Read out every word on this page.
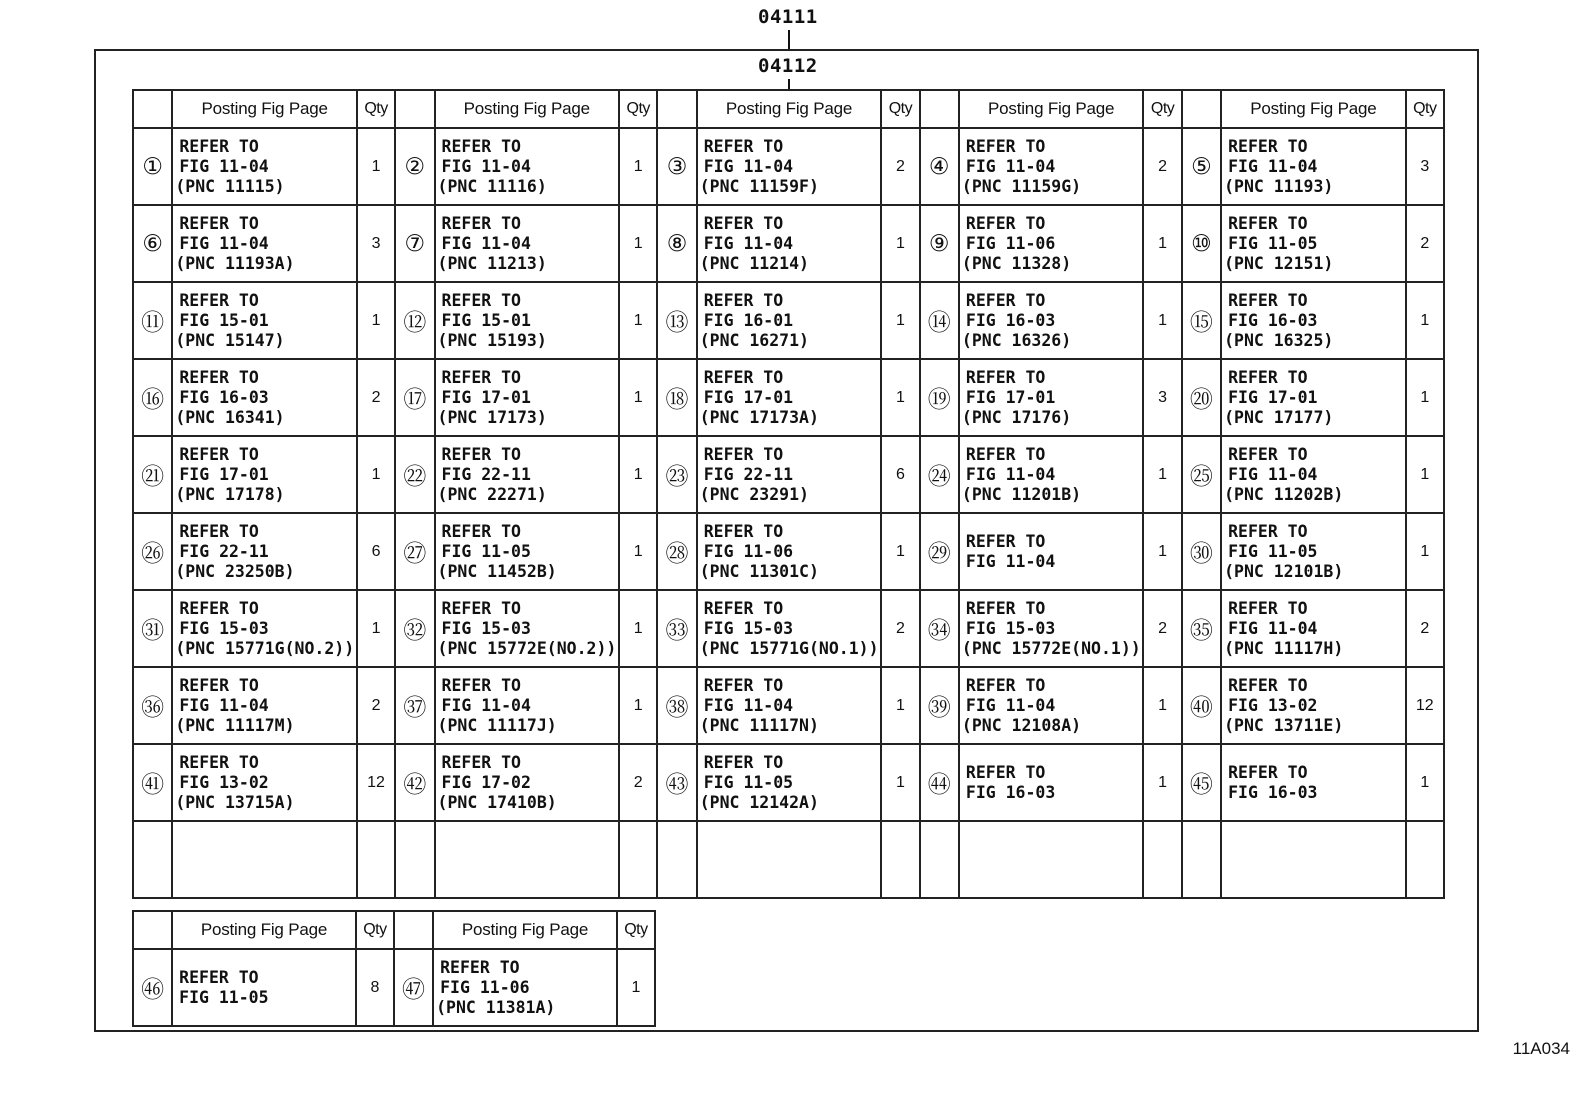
04111
04112
	Posting Fig Page	Qty		Posting Fig Page	Qty		Posting Fig Page	Qty		Posting Fig Page	Qty		Posting Fig Page	Qty
①	REFER TO
FIG 11-04
(PNC 11115)	1	②	REFER TO
FIG 11-04
(PNC 11116)	1	③	REFER TO
FIG 11-04
(PNC 11159F)	2	④	REFER TO
FIG 11-04
(PNC 11159G)	2	⑤	REFER TO
FIG 11-04
(PNC 11193)	3
⑥	REFER TO
FIG 11-04
(PNC 11193A)	3	⑦	REFER TO
FIG 11-04
(PNC 11213)	1	⑧	REFER TO
FIG 11-04
(PNC 11214)	1	⑨	REFER TO
FIG 11-06
(PNC 11328)	1	⑩	REFER TO
FIG 11-05
(PNC 12151)	2
⑪	REFER TO
FIG 15-01
(PNC 15147)	1	⑫	REFER TO
FIG 15-01
(PNC 15193)	1	⑬	REFER TO
FIG 16-01
(PNC 16271)	1	⑭	REFER TO
FIG 16-03
(PNC 16326)	1	⑮	REFER TO
FIG 16-03
(PNC 16325)	1
⑯	REFER TO
FIG 16-03
(PNC 16341)	2	⑰	REFER TO
FIG 17-01
(PNC 17173)	1	⑱	REFER TO
FIG 17-01
(PNC 17173A)	1	⑲	REFER TO
FIG 17-01
(PNC 17176)	3	⑳	REFER TO
FIG 17-01
(PNC 17177)	1
㉑	REFER TO
FIG 17-01
(PNC 17178)	1	㉒	REFER TO
FIG 22-11
(PNC 22271)	1	㉓	REFER TO
FIG 22-11
(PNC 23291)	6	㉔	REFER TO
FIG 11-04
(PNC 11201B)	1	㉕	REFER TO
FIG 11-04
(PNC 11202B)	1
㉖	REFER TO
FIG 22-11
(PNC 23250B)	6	㉗	REFER TO
FIG 11-05
(PNC 11452B)	1	㉘	REFER TO
FIG 11-06
(PNC 11301C)	1	㉙	REFER TO
FIG 11-04	1	㉚	REFER TO
FIG 11-05
(PNC 12101B)	1
㉛	REFER TO
FIG 15-03
(PNC 15771G(NO.2))	1	㉜	REFER TO
FIG 15-03
(PNC 15772E(NO.2))	1	㉝	REFER TO
FIG 15-03
(PNC 15771G(NO.1))	2	㉞	REFER TO
FIG 15-03
(PNC 15772E(NO.1))	2	㉟	REFER TO
FIG 11-04
(PNC 11117H)	2
㊱	REFER TO
FIG 11-04
(PNC 11117M)	2	㊲	REFER TO
FIG 11-04
(PNC 11117J)	1	㊳	REFER TO
FIG 11-04
(PNC 11117N)	1	㊴	REFER TO
FIG 11-04
(PNC 12108A)	1	㊵	REFER TO
FIG 13-02
(PNC 13711E)	12
㊶	REFER TO
FIG 13-02
(PNC 13715A)	12	㊷	REFER TO
FIG 17-02
(PNC 17410B)	2	㊸	REFER TO
FIG 11-05
(PNC 12142A)	1	㊹	REFER TO
FIG 16-03	1	㊺	REFER TO
FIG 16-03	1

	Posting Fig Page	Qty		Posting Fig Page	Qty
㊻	REFER TO
FIG 11-05	8	㊼	REFER TO
FIG 11-06
(PNC 11381A)	1
11A034
